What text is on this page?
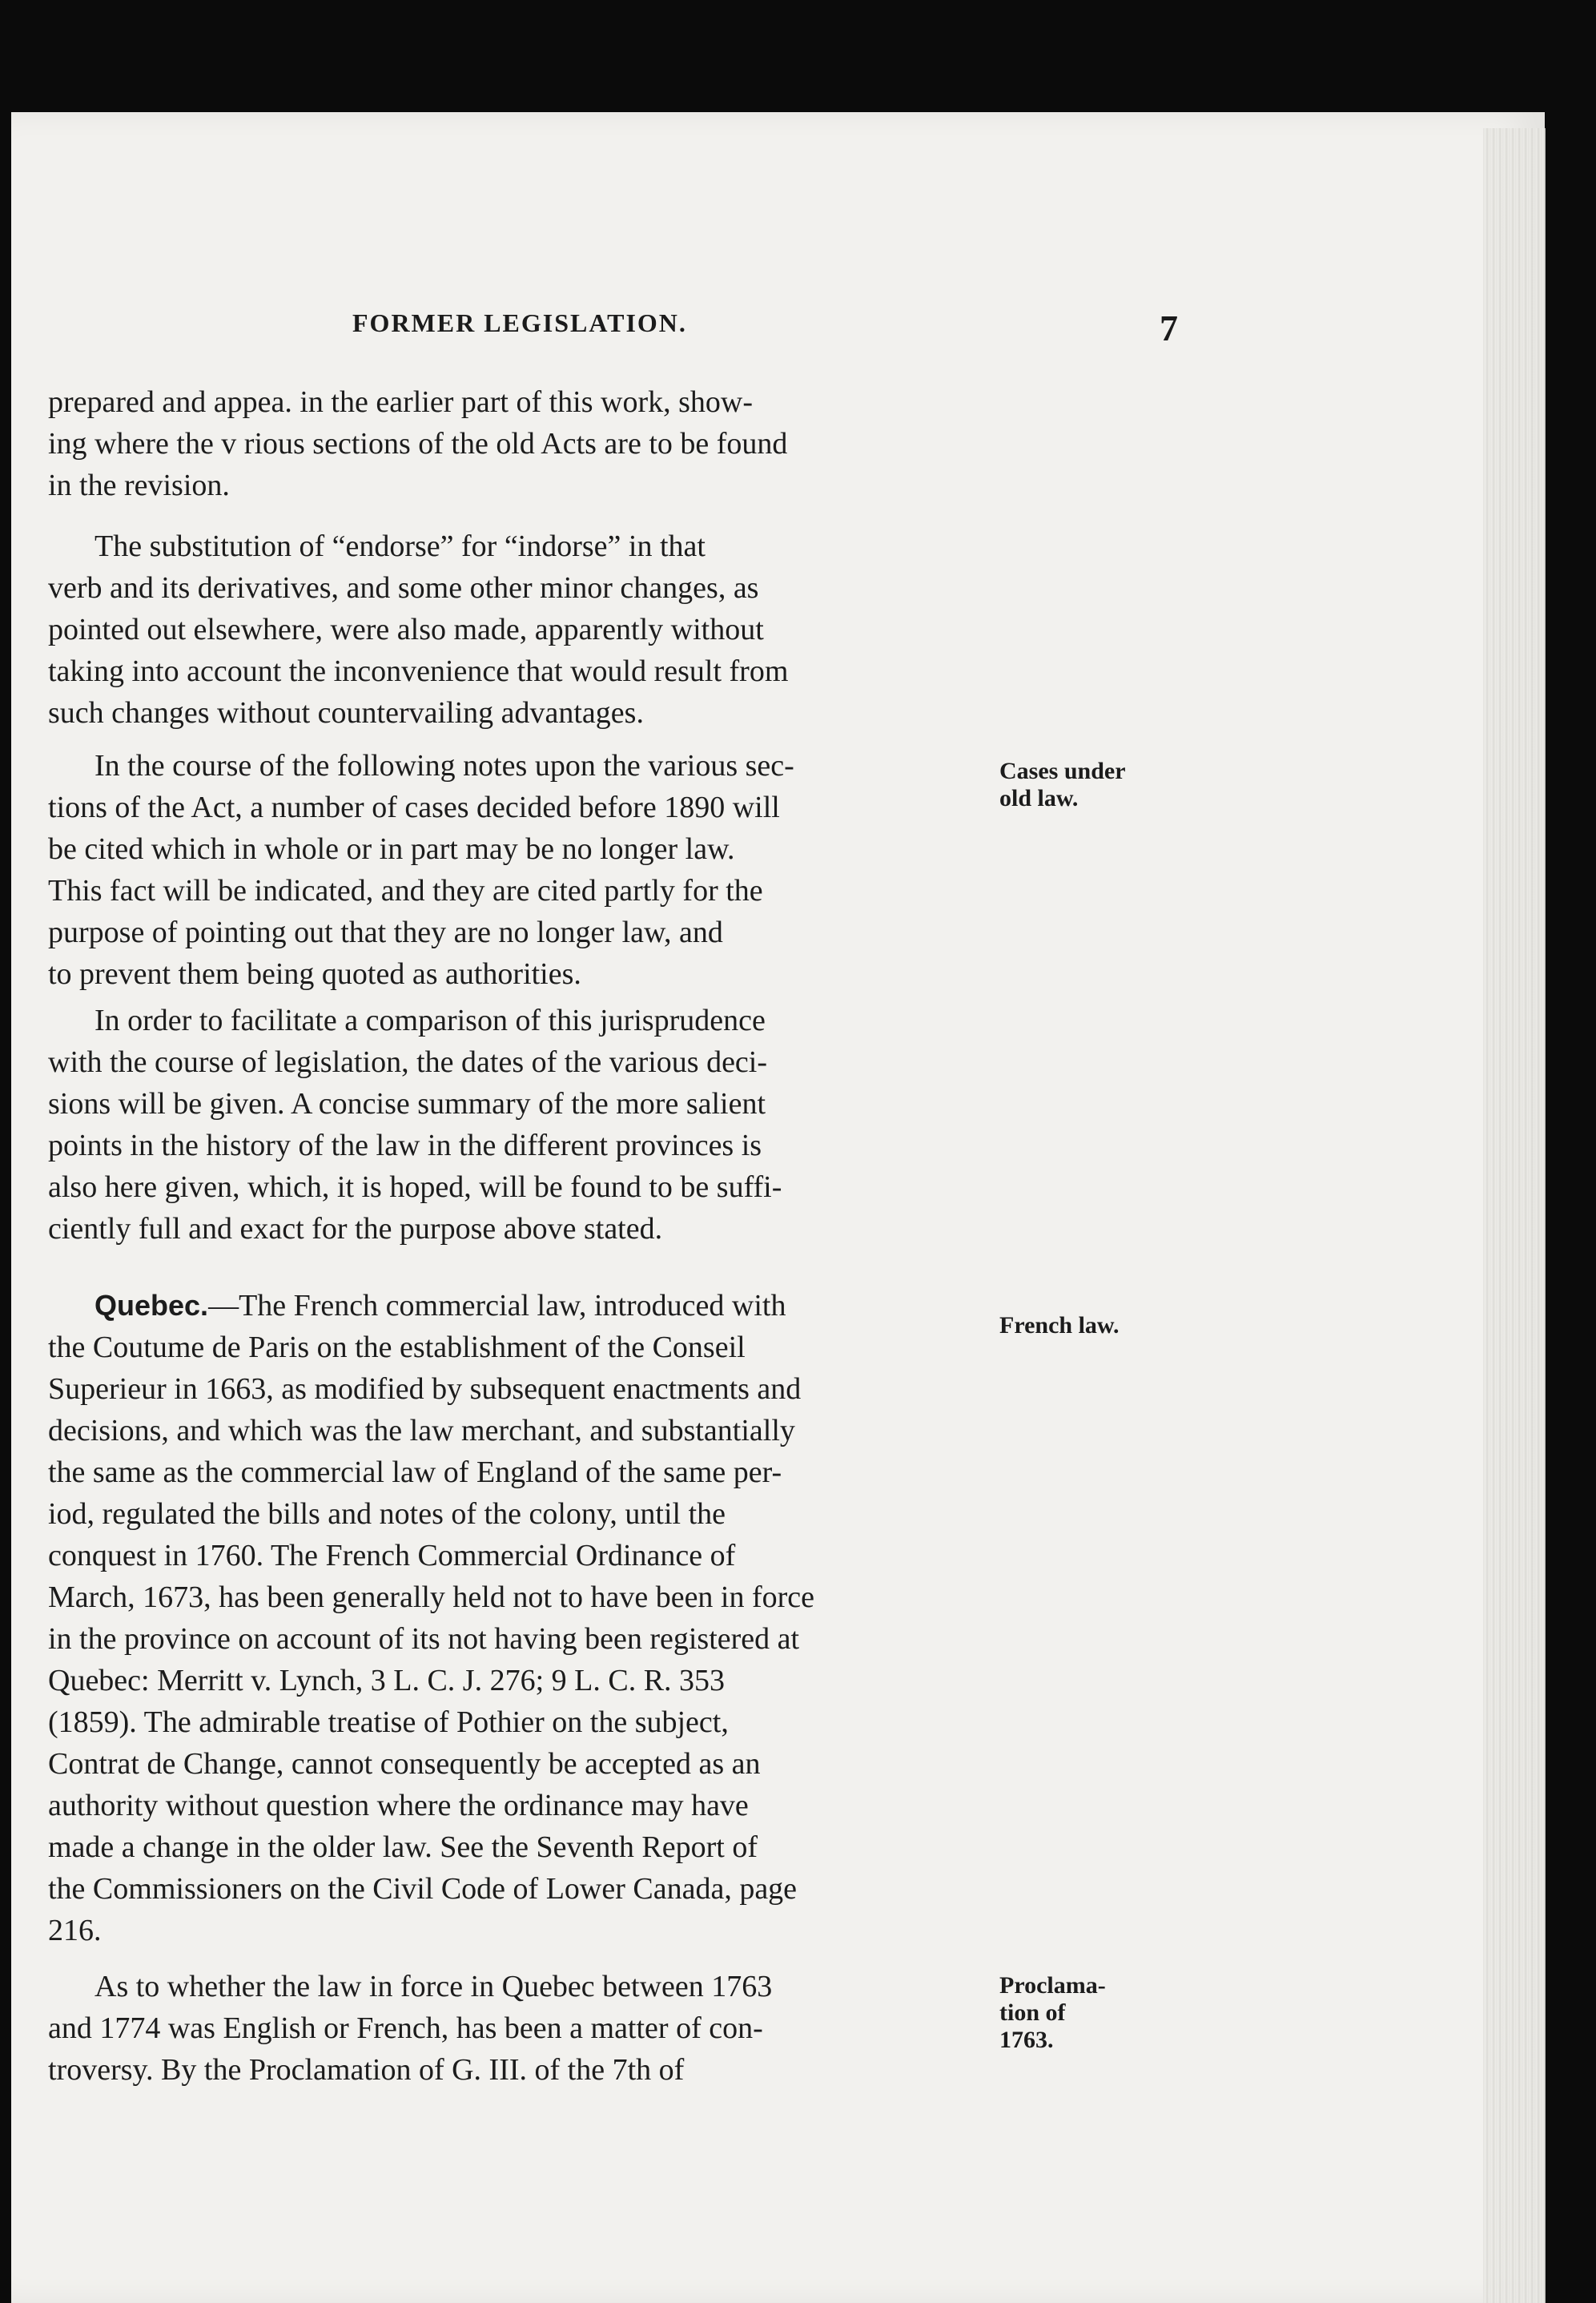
FORMER LEGISLATION.	7
prepared and appea. in the earlier part of this work, show-
ing where the v rious sections of the old Acts are to be found
in the revision.
The substitution of “endorse” for “indorse” in that
verb and its derivatives, and some other minor changes, as
pointed out elsewhere, were also made, apparently without
taking into account the inconvenience that would result from
such changes without countervailing advantages.
In the course of the following notes upon the various sec-
tions of the Act, a number of cases decided before 1890 will
be cited which in whole or in part may be no longer law.
This fact will be indicated, and they are cited partly for the
purpose of pointing out that they are no longer law, and
to prevent them being quoted as authorities.
Cases under
old law.
In order to facilitate a comparison of this jurisprudence
with the course of legislation, the dates of the various deci-
sions will be given. A concise summary of the more salient
points in the history of the law in the different provinces is
also here given, which, it is hoped, will be found to be suffi-
ciently full and exact for the purpose above stated.
Quebec.—The French commercial law, introduced with
the Coutume de Paris on the establishment of the Conseil
Superieur in 1663, as modified by subsequent enactments and
decisions, and which was the law merchant, and substantially
the same as the commercial law of England of the same per-
iod, regulated the bills and notes of the colony, until the
conquest in 1760. The French Commercial Ordinance of
March, 1673, has been generally held not to have been in force
in the province on account of its not having been registered at
Quebec: Merritt v. Lynch, 3 L. C. J. 276; 9 L. C. R. 353
(1859). The admirable treatise of Pothier on the subject,
Contrat de Change, cannot consequently be accepted as an
authority without question where the ordinance may have
made a change in the older law. See the Seventh Report of
the Commissioners on the Civil Code of Lower Canada, page
216.
French law.
As to whether the law in force in Quebec between 1763
and 1774 was English or French, has been a matter of con-
troversy. By the Proclamation of G. III. of the 7th of
Proclama-
tion of
1763.
